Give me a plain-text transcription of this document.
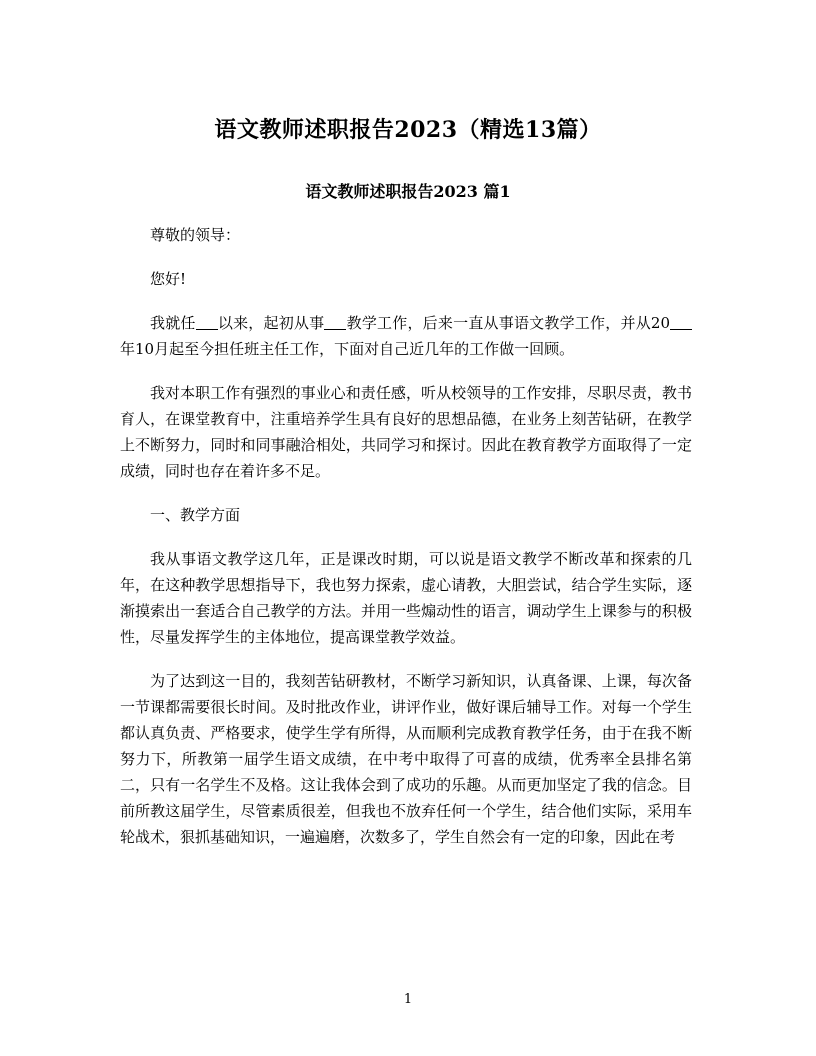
语文教师述职报告2023（精选13篇）
语文教师述职报告2023 篇1

尊敬的领导：

您好!

我就任 以来，起初从事 教学工作，后来一直从事语文教学工作，并从20年10月起至今担任班主任工作，下面对自己近几年的工作做一回顾。

我对本职工作有强烈的事业心和责任感，听从校领导的工作安排，尽职尽责，教书育人，在课堂教育中，注重培养学生具有良好的思想品德，在业务上刻苦钻研，在教学上不断努力，同时和同事融洽相处，共同学习和探讨。因此在教育教学方面取得了一定成绩，同时也存在着许多不足。

一、教学方面

我从事语文教学这几年，正是课改时期，可以说是语文教学不断改革和探索的几年，在这种教学思想指导下，我也努力探索，虚心请教，大胆尝试，结合学生实际，逐渐摸索出一套适合自己教学的方法。并用一些煽动性的语言，调动学生上课参与的积极性，尽量发挥学生的主体地位，提高课堂教学效益。

为了达到这一目的，我刻苦钻研教材，不断学习新知识，认真备课、上课，每次备一节课都需要很长时间。及时批改作业，讲评作业，做好课后辅导工作。对每一个学生都认真负责、严格要求，使学生学有所得，从而顺利完成教育教学任务，由于在我不断努力下，所教第一届学生语文成绩，在中考中取得了可喜的成绩，优秀率全县排名第二，只有一名学生不及格。这让我体会到了成功的乐趣。从而更加坚定了我的信念。目前所教这届学生，尽管素质很差，但我也不放弃任何一个学生，结合他们实际，采用车轮战术，狠抓基础知识，一遍遍磨，次数多了，学生自然会有一定的印象，因此在考

1
